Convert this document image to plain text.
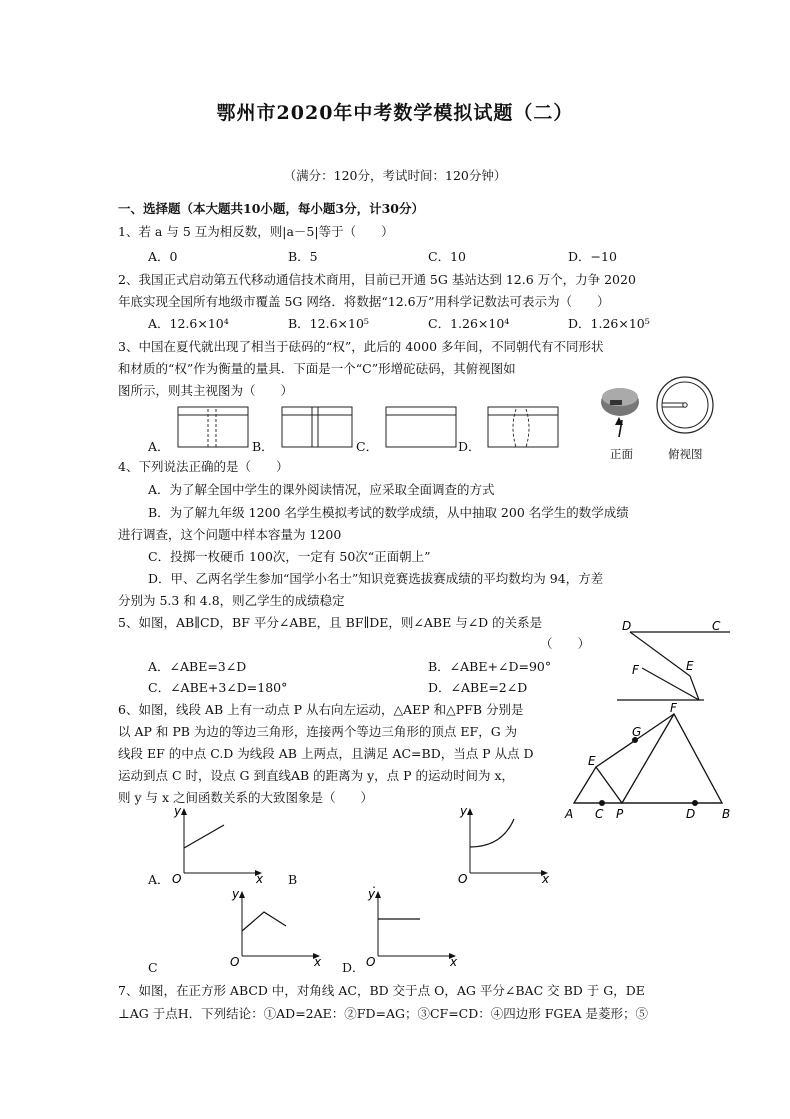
鄂州市2020年中考数学模拟试题（二）
（满分：120分，考试时间：120分钟）
一、选择题（本大题共10小题，每小题3分，计30分）
1、若 a 与 5 互为相反数，则|a－5|等于（　　）
A．0	B．5	C．10	D．−10
2、我国正式启动第五代移动通信技术商用，目前已开通 5G 基站达到 12.6 万个，力争 2020
年底实现全国所有地级市覆盖 5G 网络．将数据“12.6万”用科学记数法可表示为（　　）
A．12.6×10⁴	B．12.6×10⁵	C．1.26×10⁴	D．1.26×10⁵
3、中国在夏代就出现了相当于砝码的“权”，此后的 4000 多年间，不同朝代有不同形状
和材质的“权”作为衡量的量具．下面是一个“C”形增砣砝码，其俯视图如
图所示，则其主视图为（　　）
A．	B．	C．	D．	正面	俯视图
4、下列说法正确的是（　　）
A．为了解全国中学生的课外阅读情况，应采取全面调查的方式
B．为了解九年级 1200 名学生模拟考试的数学成绩，从中抽取 200 名学生的数学成绩
进行调查，这个问题中样本容量为 1200
C．投掷一枚硬币 100次，一定有 50次“正面朝上”
D．甲、乙两名学生参加“国学小名士”知识竞赛选拔赛成绩的平均数均为 94，方差
分别为 5.3 和 4.8，则乙学生的成绩稳定
5、如图，AB∥CD，BF 平分∠ABE，且 BF∥DE，则∠ABE 与∠D 的关系是
（　　）
A．∠ABE=3∠D	B．∠ABE+∠D=90°
C．∠ABE+3∠D=180°	D．∠ABE=2∠D
D	C
F	E
6、如图，线段 AB 上有一动点 P 从右向左运动，△AEP 和△PFB 分别是
以 AP 和 PB 为边的等边三角形，连接两个等边三角形的顶点 EF，G 为
线段 EF 的中点 C.D 为线段 AB 上两点，且满足 AC=BD，当点 P 从点 D
运动到点 C 时，设点 G 到直线AB 的距离为 y，点 P 的运动时间为 x，
则 y 与 x 之间函数关系的大致图象是（　　）
F
G
E
A C P	D B
y
O	x
A．	B
y
O	x
.
y
O	x
C
y
O	x
D．
7、如图，在正方形 ABCD 中，对角线 AC，BD 交于点 O，AG 平分∠BAC 交 BD 于 G，DE
⊥AG 于点H．下列结论：①AD=2AE：②FD=AG；③CF=CD：④四边形 FGEA 是菱形；⑤
